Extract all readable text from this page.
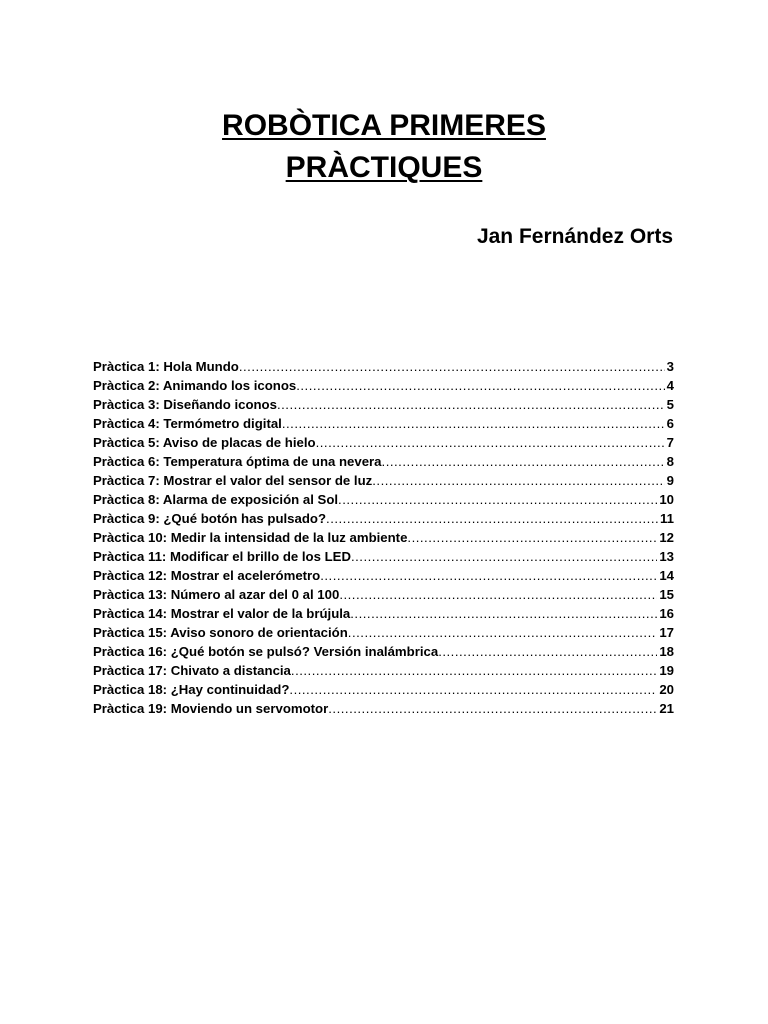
ROBÒTICA PRIMERES
PRÀCTIQUES

Jan Fernández Orts

Pràctica 1: Hola Mundo .....	3
Pràctica 2: Animando los iconos .....	4
Pràctica 3: Diseñando iconos .....	5
Pràctica 4: Termómetro digital .....	6
Pràctica 5: Aviso de placas de hielo .....	7
Pràctica 6: Temperatura óptima de una nevera .....	8
Pràctica 7: Mostrar el valor del sensor de luz .....	9
Pràctica 8: Alarma de exposición al Sol .....	10
Pràctica 9: ¿Qué botón has pulsado? .....	11
Pràctica 10: Medir la intensidad de la luz ambiente .....	12
Pràctica 11: Modificar el brillo de los LED .....	13
Pràctica 12: Mostrar el acelerómetro .....	14
Pràctica 13: Número al azar del 0 al 100 .....	15
Pràctica 14: Mostrar el valor de la brújula .....	16
Pràctica 15: Aviso sonoro de orientación .....	17
Pràctica 16: ¿Qué botón se pulsó? Versión inalámbrica .....	18
Pràctica 17: Chivato a distancia .....	19
Pràctica 18: ¿Hay continuidad? .....	20
Pràctica 19: Moviendo un servomotor .....	21
